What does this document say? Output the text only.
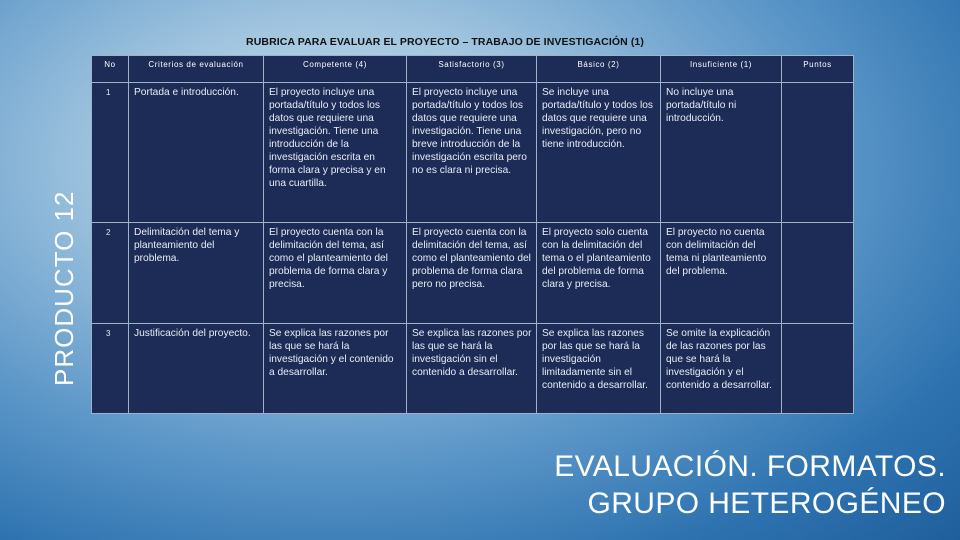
RUBRICA PARA EVALUAR EL PROYECTO – TRABAJO DE INVESTIGACIÓN (1)
PRODUCTO 12
No	Criterios de evaluación	Competente (4)	Satisfactorio (3)	Básico (2)	Insuficiente (1)	Puntos
1	Portada e introducción.	El proyecto incluye una portada/título y todos los datos que requiere una investigación. Tiene una introducción de la investigación escrita en forma clara y precisa y en una cuartilla.	El proyecto incluye una portada/título y todos los datos que requiere una investigación. Tiene una breve introducción de la investigación escrita pero no es clara ni precisa.	Se incluye una portada/título y todos los datos que requiere una investigación, pero no tiene introducción.	No incluye una portada/título ni introducción.	
2	Delimitación del tema y planteamiento del problema.	El proyecto cuenta con la delimitación del tema, así como el planteamiento del problema de forma clara y precisa.	El proyecto cuenta con la delimitación del tema, así como el planteamiento del problema de forma clara pero no precisa.	El proyecto solo cuenta con la delimitación del tema o el planteamiento del problema de forma clara y precisa.	El proyecto no cuenta con delimitación del tema ni planteamiento del problema.	
3	Justificación del proyecto.	Se explica las razones por las que se hará la investigación y el contenido a desarrollar.	Se explica las razones por las que se hará la investigación sin el contenido a desarrollar.	Se explica las razones por las que se hará la investigación limitadamente sin el contenido a desarrollar.	Se omite la explicación de las razones por las que se hará la investigación y el contenido a desarrollar.	
EVALUACIÓN. FORMATOS.
GRUPO HETEROGÉNEO
